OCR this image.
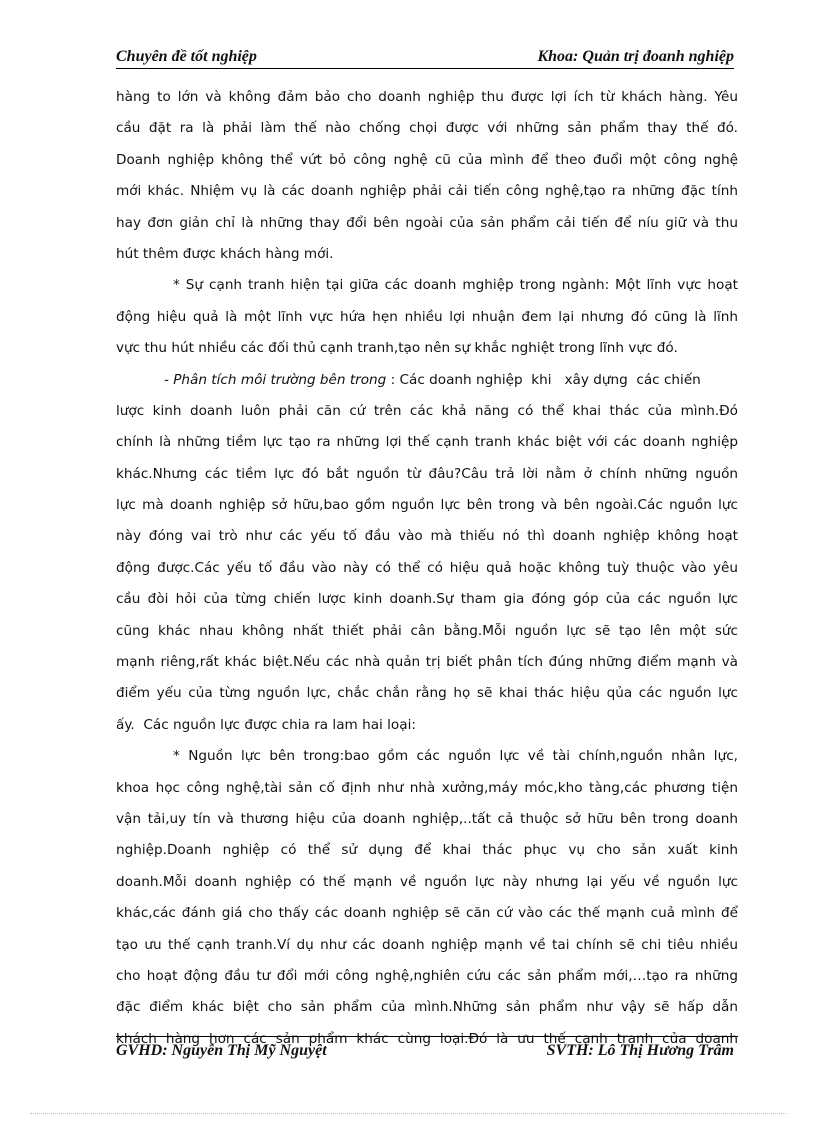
Chuyên đề tốt nghiệp	Khoa: Quản trị đoanh nghiệp
hàng to lớn và không đảm bảo cho doanh nghiệp thu được lợi ích từ khách hàng. Yêu
cầu đặt ra là phải làm thế nào chống chọi được với những sản phẩm thay thế đó.
Doanh nghiệp không thể vứt bỏ công nghệ cũ của mình để theo đuổi một công nghệ
mới khác. Nhiệm vụ là các doanh nghiệp phải cải tiến công nghệ,tạo ra những đặc tính
hay đơn giản chỉ là những thay đổi bên ngoài của sản phẩm cải tiến để níu giữ và thu
hút thêm được khách hàng mới.
* Sự cạnh tranh hiện tại giữa các doanh mghiệp trong ngành: Một lĩnh vực hoạt
động hiệu quả là một lĩnh vực hứa hẹn nhiều lợi nhuận đem lại nhưng đó cũng là lĩnh
vực thu hút nhiều các đối thủ cạnh tranh,tạo nên sự khắc nghiệt trong lĩnh vực đó.
- Phân tích môi trường bên trong : Các doanh nghiệp  khi   xây dựng  các chiến
lược kinh doanh luôn phải căn cứ trên các khả năng có thể khai thác của mình.Đó
chính là những tiềm lực tạo ra những lợi thế cạnh tranh khác biệt với các doanh nghiệp
khác.Nhưng các tiềm lực đó bắt nguồn từ đâu?Câu trả lời nằm ở chính những nguồn
lực mà doanh nghiệp sở hữu,bao gồm nguồn lực bên trong và bên ngoài.Các nguồn lực
này đóng vai trò như các yếu tố đầu vào mà thiếu nó thì doanh nghiệp không hoạt
động được.Các yếu tố đầu vào này có thể có hiệu quả hoặc không tuỳ thuộc vào yêu
cầu đòi hỏi của từng chiến lược kinh doanh.Sự tham gia đóng góp của các nguồn lực
cũng khác nhau không nhất thiết phải cân bằng.Mỗi nguồn lực sẽ tạo lên một sức
mạnh riêng,rất khác biệt.Nếu các nhà quản trị biết phân tích đúng những điểm mạnh và
điểm yếu của từng nguồn lực, chắc chắn rằng họ sẽ khai thác hiệu qủa các nguồn lực
ấy.  Các nguồn lực được chia ra lam hai loại:
* Nguồn lực bên trong:bao gồm các nguồn lực về tài chính,nguồn nhân lực,
khoa học công nghệ,tài sản cố định như nhà xưởng,máy móc,kho tàng,các phương tiện
vận tải,uy tín và thương hiệu của doanh nghiệp,..tất cả thuộc sở hữu bên trong doanh
nghiệp.Doanh nghiệp có thể sử dụng để khai thác phục vụ cho sản xuất kinh
doanh.Mỗi doanh nghiệp có thế mạnh về nguồn lực này nhưng lại yếu về nguồn lực
khác,các đánh giá cho thấy các doanh nghiệp sẽ căn cứ vào các thế mạnh cuả mình để
tạo ưu thế cạnh tranh.Ví dụ như các doanh nghiệp mạnh về tai chính sẽ chi tiêu nhiều
cho hoạt động đầu tư đổi mới công nghệ,nghiên cứu các sản phẩm mới,…tạo ra những
đặc điểm khác biệt cho sản phẩm của mình.Những sản phẩm như vậy sẽ hấp dẫn
khách hàng hơn các sản phẩm khác cùng loại.Đó là ưu thế cạnh tranh của doanh
GVHD: Nguyễn Thị Mỹ Nguyệt	SVTH: Lô Thị Hương Trâm
